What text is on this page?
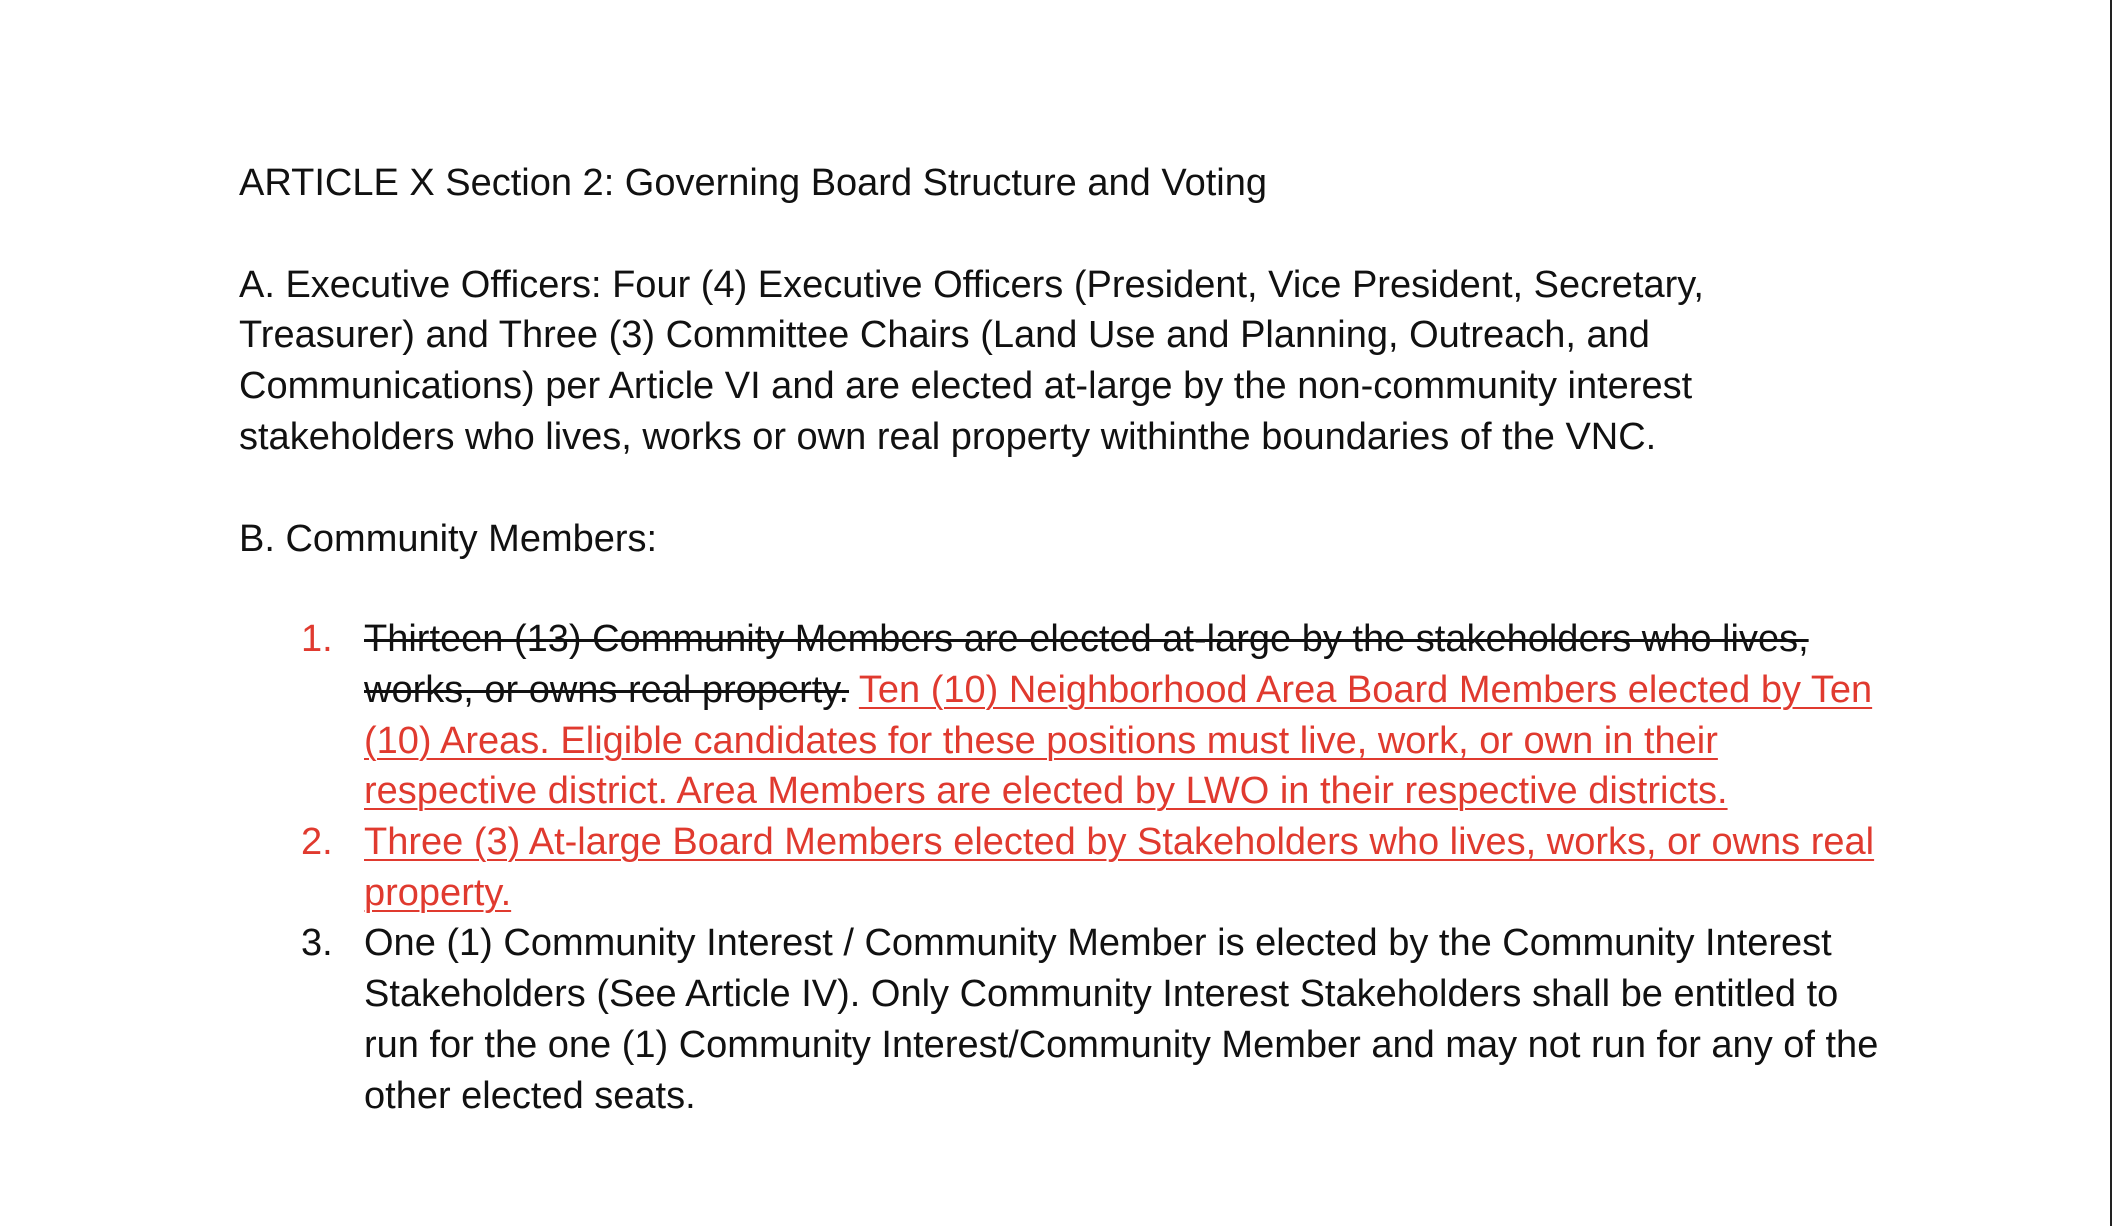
ARTICLE X Section 2: Governing Board Structure and Voting

A. Executive Officers: Four (4) Executive Officers (President, Vice President, Secretary, Treasurer) and Three (3) Committee Chairs (Land Use and Planning, Outreach, and Communications) per Article VI and are elected at-large by the non-community interest stakeholders who lives, works or own real property withinthe boundaries of the VNC.

B. Community Members:

1. Thirteen (13) Community Members are elected at-large by the stakeholders who lives, works, or owns real property. Ten (10) Neighborhood Area Board Members elected by Ten (10) Areas. Eligible candidates for these positions must live, work, or own in their respective district. Area Members are elected by LWO in their respective districts.
2. Three (3) At-large Board Members elected by Stakeholders who lives, works, or owns real property.
3. One (1) Community Interest / Community Member is elected by the Community Interest Stakeholders (See Article IV). Only Community Interest Stakeholders shall be entitled to run for the one (1) Community Interest/Community Member and may not run for any of the other elected seats.
